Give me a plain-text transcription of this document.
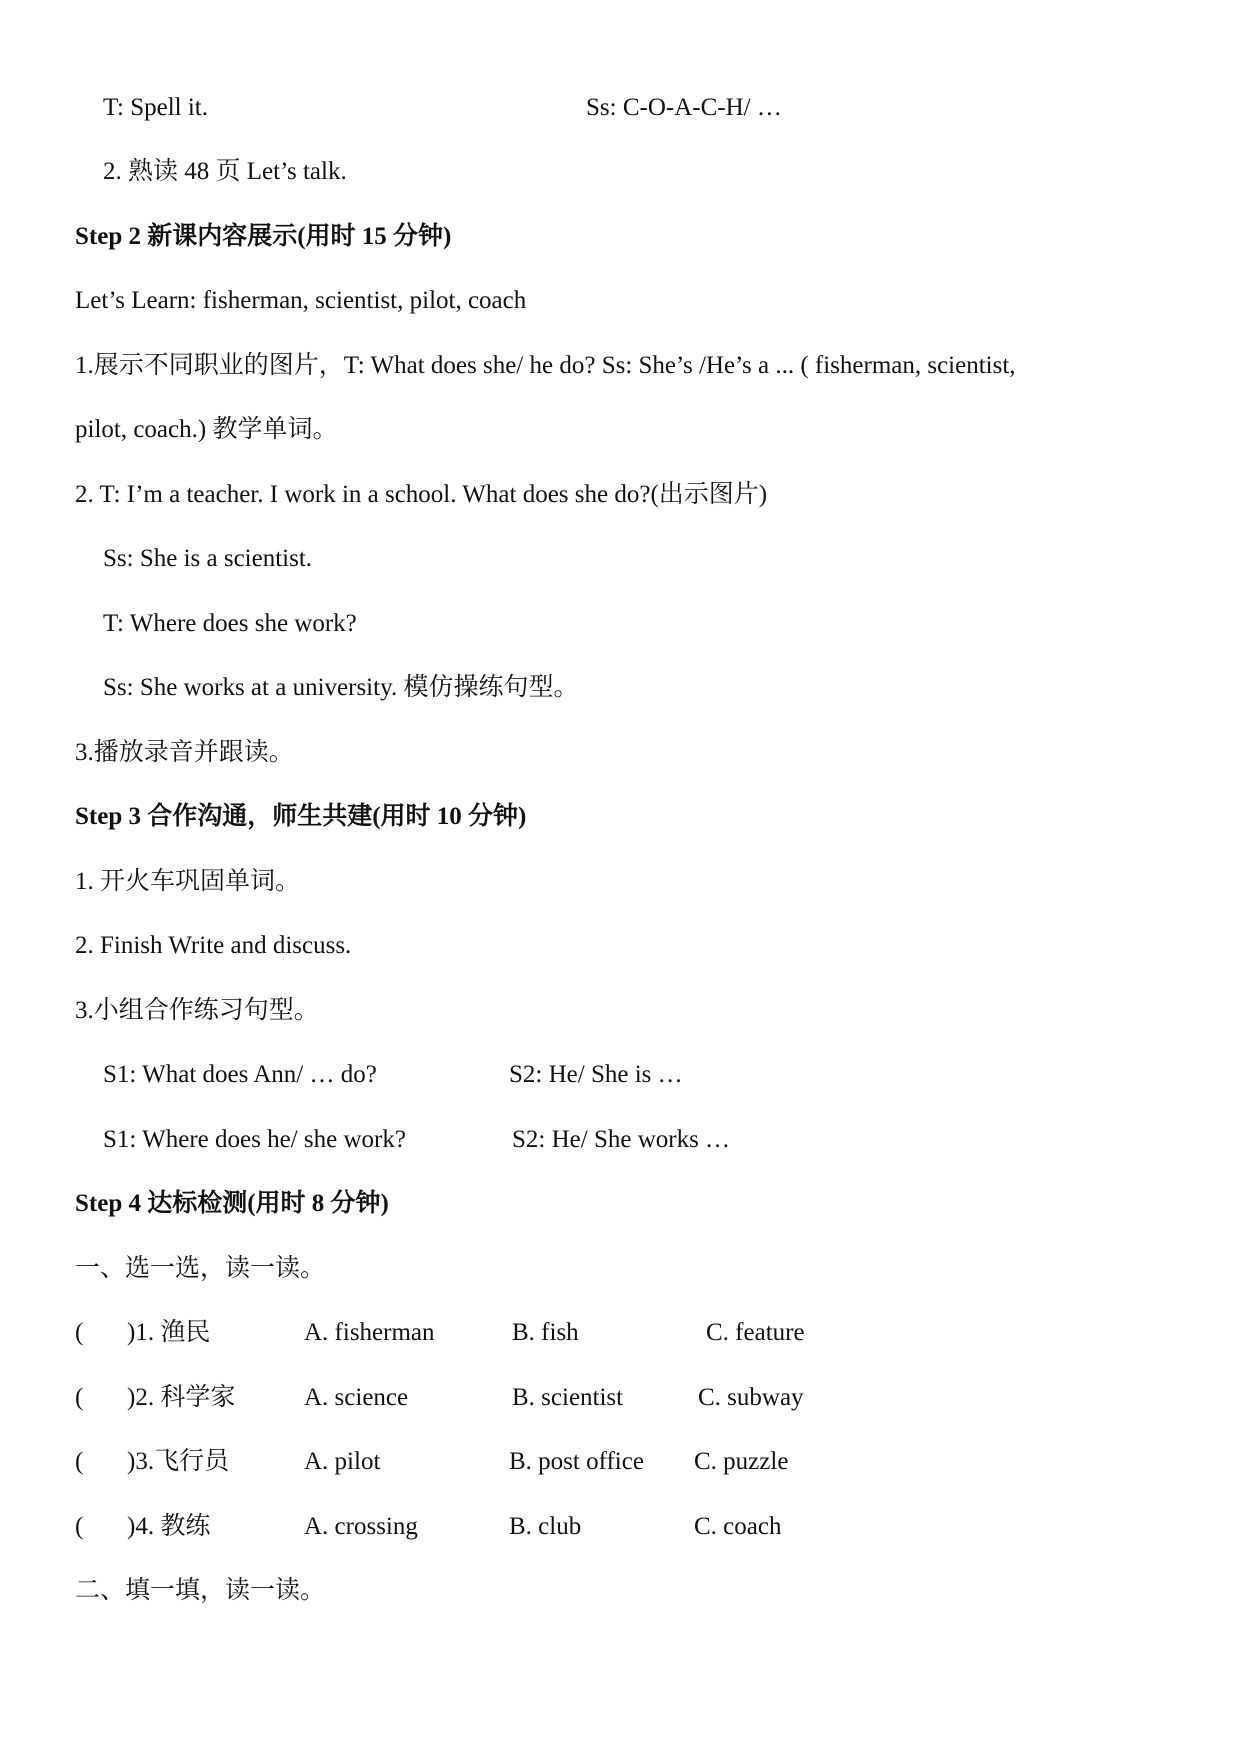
T: Spell it.	Ss: C-O-A-C-H/ …
2. 熟读 48 页 Let’s talk.
Step 2 新课内容展示(用时 15 分钟)
Let’s Learn: fisherman, scientist, pilot, coach
1.展示不同职业的图片，T: What does she/ he do? Ss: She’s /He’s a ... ( fisherman, scientist,
pilot, coach.) 教学单词。
2. T: I’m a teacher. I work in a school. What does she do?(出示图片)
Ss: She is a scientist.
T: Where does she work?
Ss: She works at a university. 模仿操练句型。
3.播放录音并跟读。
Step 3 合作沟通，师生共建(用时 10 分钟)
1. 开火车巩固单词。
2. Finish Write and discuss.
3.小组合作练习句型。
S1: What does Ann/ … do?	S2: He/ She is …
S1: Where does he/ she work?	S2: He/ She works …
Step 4 达标检测(用时 8 分钟)
一、选一选，读一读。
( )1. 渔民	A. fisherman	B. fish	C. feature
( )2. 科学家	A. science	B. scientist	C. subway
( )3.飞行员	A. pilot	B. post office C. puzzle
( )4. 教练	A. crossing	B. club	C. coach
二、填一填，读一读。
